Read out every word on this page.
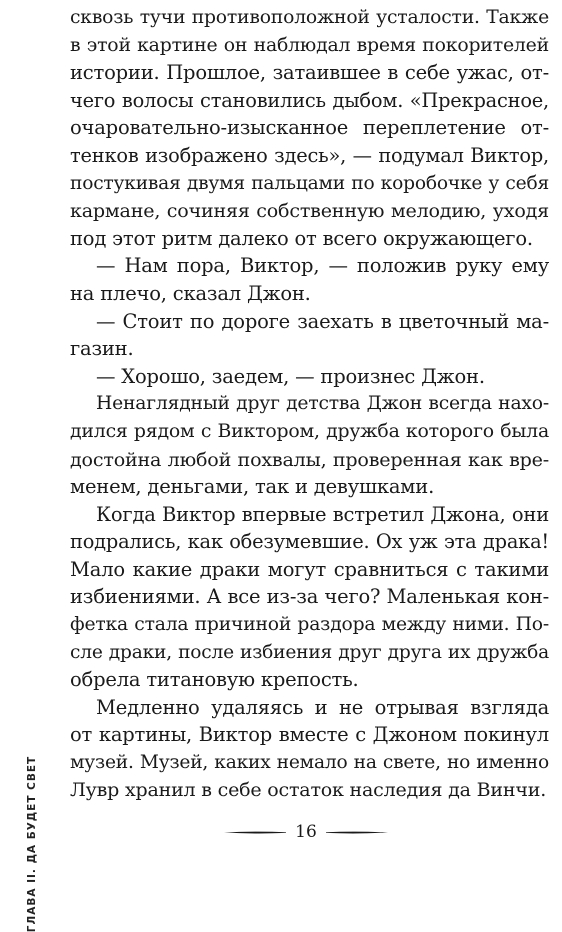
ГЛАВА II. ДА БУДЕТ СВЕТ
сквозь тучи противоположной усталости. Также
в этой картине он наблюдал время покорителей
истории. Прошлое, затаившее в себе ужас, от-
чего волосы становились дыбом. «Прекрасное,
очаровательно-изысканное переплетение от-
тенков изображено здесь», — подумал Виктор,
постукивая двумя пальцами по коробочке у себя
кармане, сочиняя собственную мелодию, уходя
под этот ритм далеко от всего окружающего.
— Нам пора, Виктор, — положив руку ему
на плечо, сказал Джон.
— Стоит по дороге заехать в цветочный ма-
газин.
— Хорошо, заедем, — произнес Джон.
Ненаглядный друг детства Джон всегда нахо-
дился рядом с Виктором, дружба которого была
достойна любой похвалы, проверенная как вре-
менем, деньгами, так и девушками.
Когда Виктор впервые встретил Джона, они
подрались, как обезумевшие. Ох уж эта драка!
Мало какие драки могут сравниться с такими
избиениями. А все из-за чего? Маленькая кон-
фетка стала причиной раздора между ними. По-
сле драки, после избиения друг друга их дружба
обрела титановую крепость.
Медленно удаляясь и не отрывая взгляда
от картины, Виктор вместе с Джоном покинул
музей. Музей, каких немало на свете, но именно
Лувр хранил в себе остаток наследия да Винчи.
16
